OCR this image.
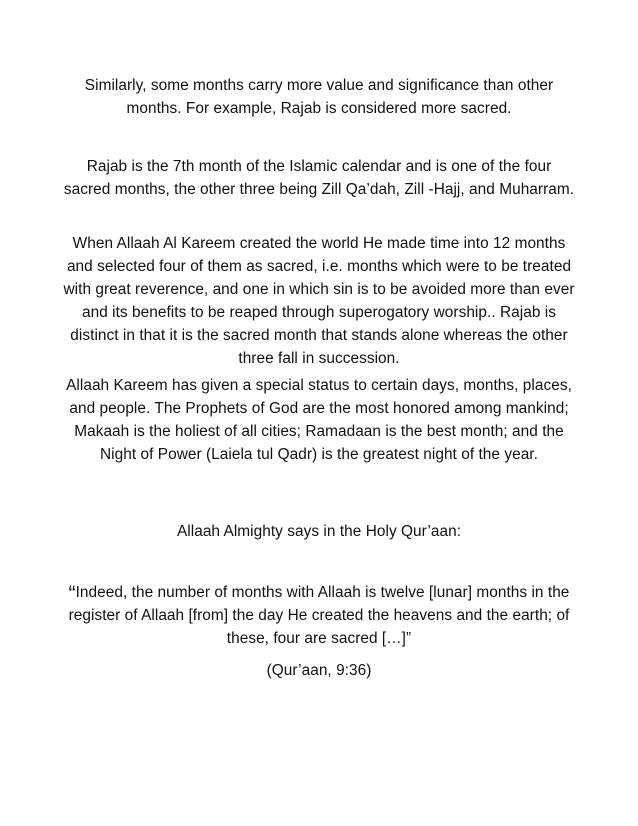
Similarly, some months carry more value and significance than other months. For example, Rajab is considered more sacred.

Rajab is the 7th month of the Islamic calendar and is one of the four sacred months, the other three being Zill Qa’dah, Zill -Hajj, and Muharram.

When Allaah Al Kareem created the world He made time into 12 months and selected four of them as sacred, i.e. months which were to be treated with great reverence, and one in which sin is to be avoided more than ever and its benefits to be reaped through superogatory worship.. Rajab is distinct in that it is the sacred month that stands alone whereas the other three fall in succession.

Allaah Kareem has given a special status to certain days, months, places, and people. The Prophets of God are the most honored among mankind; Makaah is the holiest of all cities; Ramadaan is the best month; and the Night of Power (Laiela tul Qadr) is the greatest night of the year.

Allaah Almighty says in the Holy Qur’aan:

“Indeed, the number of months with Allaah is twelve [lunar] months in the register of Allaah [from] the day He created the heavens and the earth; of these, four are sacred […]”

(Qur’aan, 9:36)
